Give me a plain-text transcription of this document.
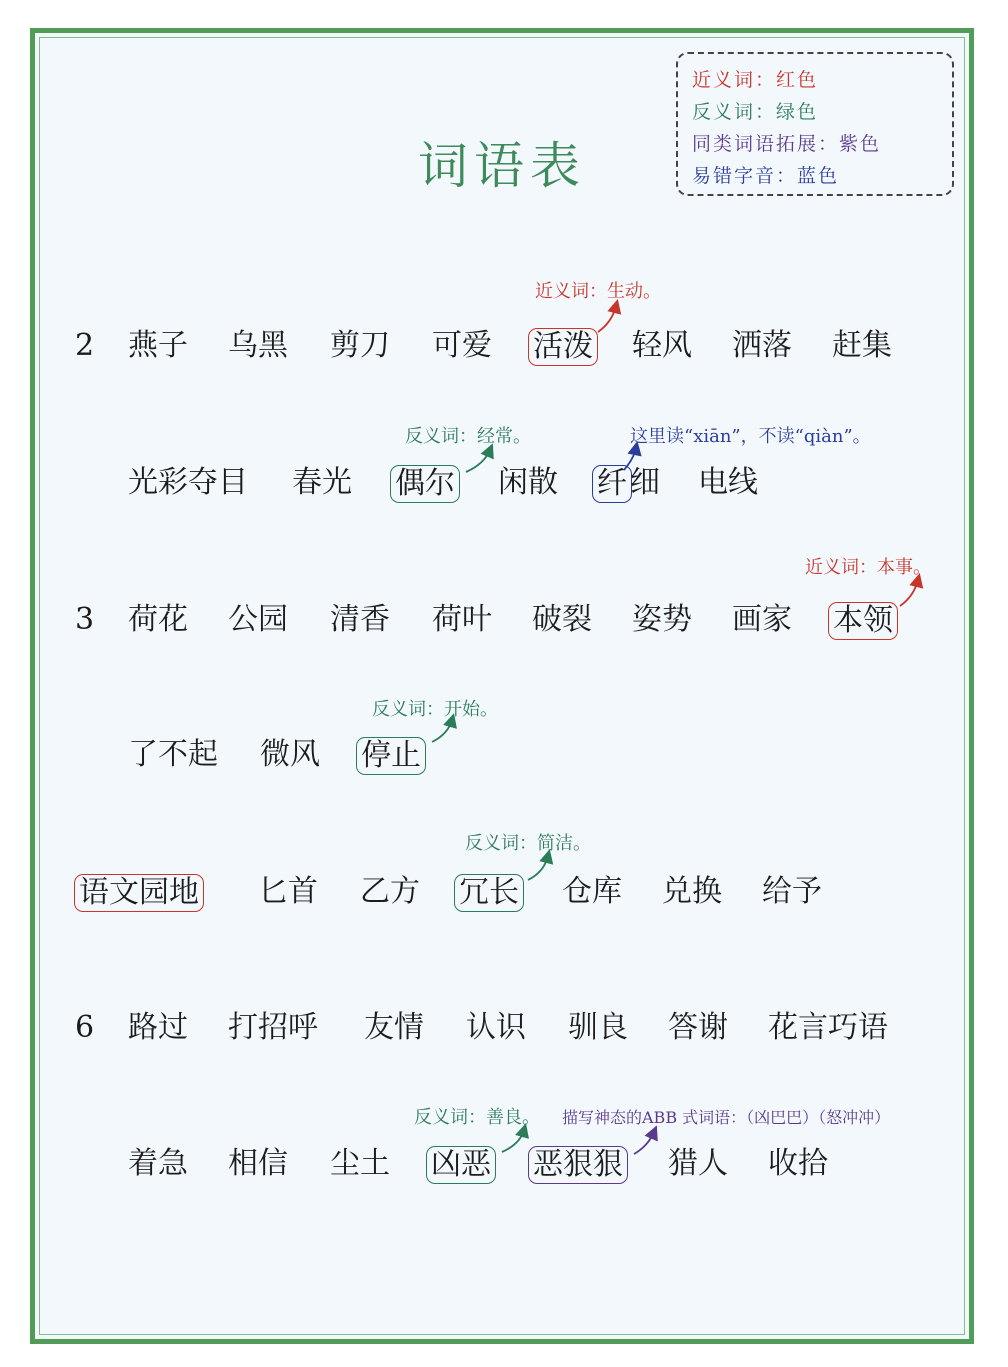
近义词：红色
反义词：绿色
同类词语拓展：紫色
易错字音：蓝色
词语表
2 燕子 乌黑 剪刀 可爱 活泼 轻风 洒落 赶集
近义词：生动。
光彩夺目 春光 偶尔 闲散 纤 细 电线
反义词：经常。	这里读“xiān”，不读“qiàn”。
3 荷花 公园 清香 荷叶 破裂 姿势 画家 本领
近义词：本事。
了不起 微风 停止
反义词：开始。
语文园地 匕首 乙方 冗长 仓库 兑换 给予
反义词：简洁。
6 路过 打招呼 友情 认识 驯良 答谢 花言巧语
着急 相信 尘土 凶恶 恶狠狠 猎人 收拾
反义词：善良。 描写神态的ABB 式词语：（凶巴巴）（怒冲冲）
